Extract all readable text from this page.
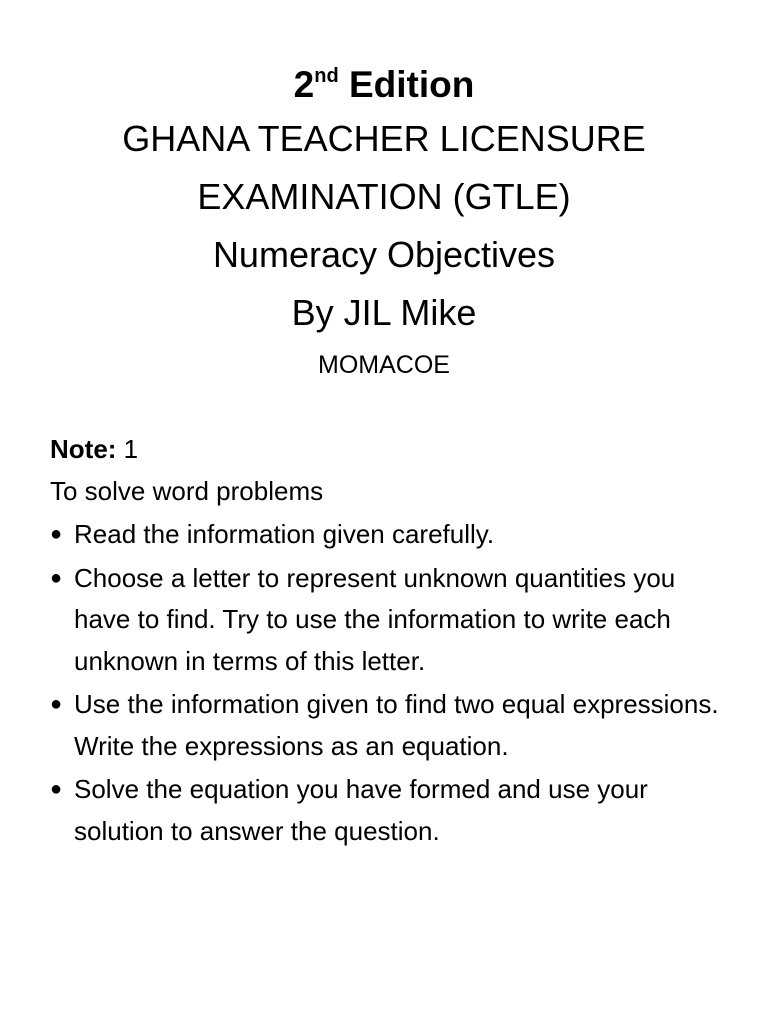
2nd Edition
GHANA TEACHER LICENSURE
EXAMINATION (GTLE)
Numeracy Objectives
By JIL Mike
MOMACOE
Note: 1
To solve word problems
● Read the information given carefully.
● Choose a letter to represent unknown quantities you have to find. Try to use the information to write each unknown in terms of this letter.
● Use the information given to find two equal expressions. Write the expressions as an equation.
● Solve the equation you have formed and use your solution to answer the question.
